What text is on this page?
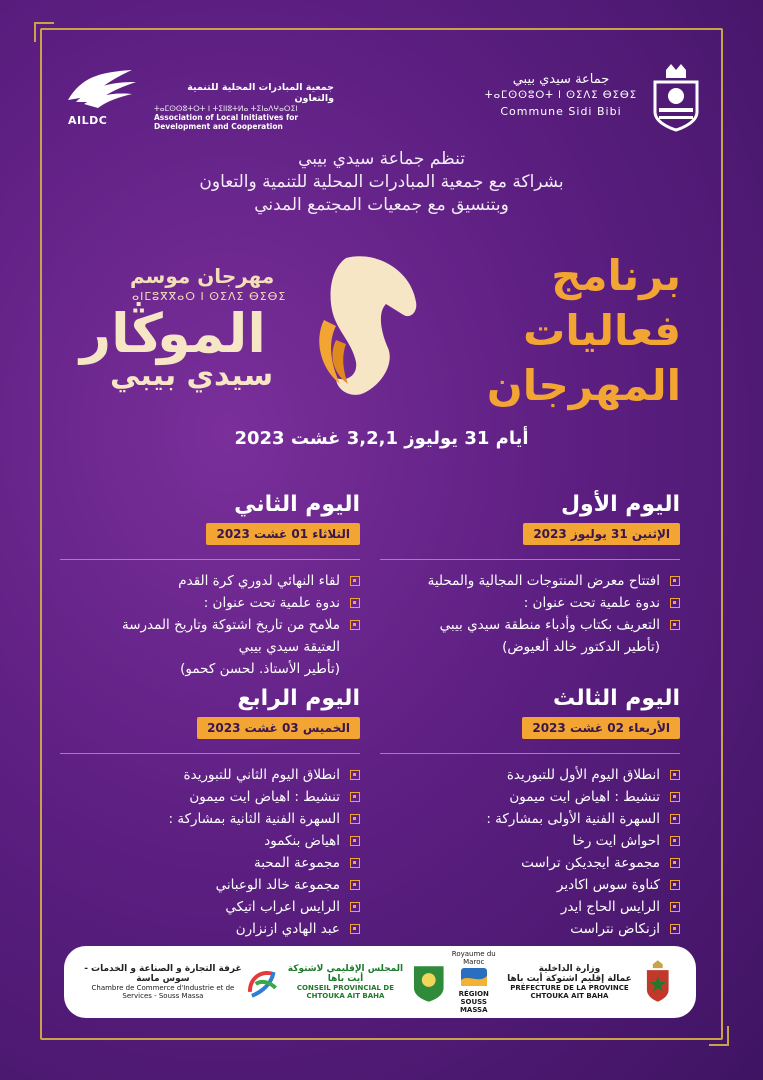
AILDC
جمعية المبادرات المحلية للتنمية والتعاون
ⵜⴰⵎⵙⵙⵓⵜⵔⵜ ⵏ ⵜⵉⵏⵏⵓⵜⵍⴰ ⵜⵉⵏⴰⴷⵖⴰⵔⵉⵏ
Association of Local Initiatives for Development and Cooperation
جماعة سيدي بيبي
ⵜⴰⵎⵙⵙⵓⵔⵜ ⵏ ⵙⵉⴷⵉ ⴱⵉⴱⵉ
Commune Sidi Bibi
تنظم جماعة سيدي بيبي
بشراكة مع جمعية المبادرات المحلية للتنمية والتعاون
وبتنسيق مع جمعيات المجتمع المدني
مهرجان موسم
ⴰⵏⵎⵓⴳⴳⴰⵔ ⵏ ⵙⵉⴷⵉ ⴱⵉⴱⵉ
الموڭار
سيدي بيبي
برنامج
فعاليات
المهرجان
أيام 31 يوليوز 3,2,1 غشت 2023
اليوم الأول
الإثنين 31 يوليوز 2023
افتتاح معرض المنتوجات المجالية والمحلية
ندوة علمية تحت عنوان :
التعريف بكتاب وأدباء منطقة سيدي بيبي
(تأطير الدكتور خالد ألعيوض)
اليوم الثاني
الثلاثاء 01 غشت 2023
لقاء النهائي لدوري كرة القدم
ندوة علمية تحت عنوان :
ملامح من تاريخ اشتوكة وتاريخ المدرسة
العتيقة سيدي بيبي
(تأطير الأستاذ. لحسن كحمو)
اليوم الثالث
الأربعاء 02 غشت 2023
انطلاق اليوم الأول للتبوريدة
تنشيط : اهياض ايت ميمون
السهرة الفنية الأولى بمشاركة :
احواش ايت رخا
مجموعة ايجديكن تراست
كناوة سوس اكادير
الرايس الحاج ايدر
ازنكاض نتراست
اليوم الرابع
الخميس 03 غشت 2023
انطلاق اليوم الثاني للتبوريدة
تنشيط : اهياض ايت ميمون
السهرة الفنية الثانية بمشاركة :
اهياض بنكمود
مجموعة المحبة
مجموعة خالد الوعباني
الرايس اعراب اتيكي
عبد الهادي ازنزارن
غرفة التجارة و الصناعة و الخدمات - سوس ماسة
Chambre de Commerce d'Industrie et de Services - Souss Massa
المجلس الإقليمي لاشتوكة أيت باها
CONSEIL PROVINCIAL DE CHTOUKA AIT BAHA
Royaume du Maroc
RÉGION SOUSS MASSA
وزارة الداخلية
عمالة إقليم اشتوكة أيت باها
PRÉFECTURE DE LA PROVINCE CHTOUKA AIT BAHA
